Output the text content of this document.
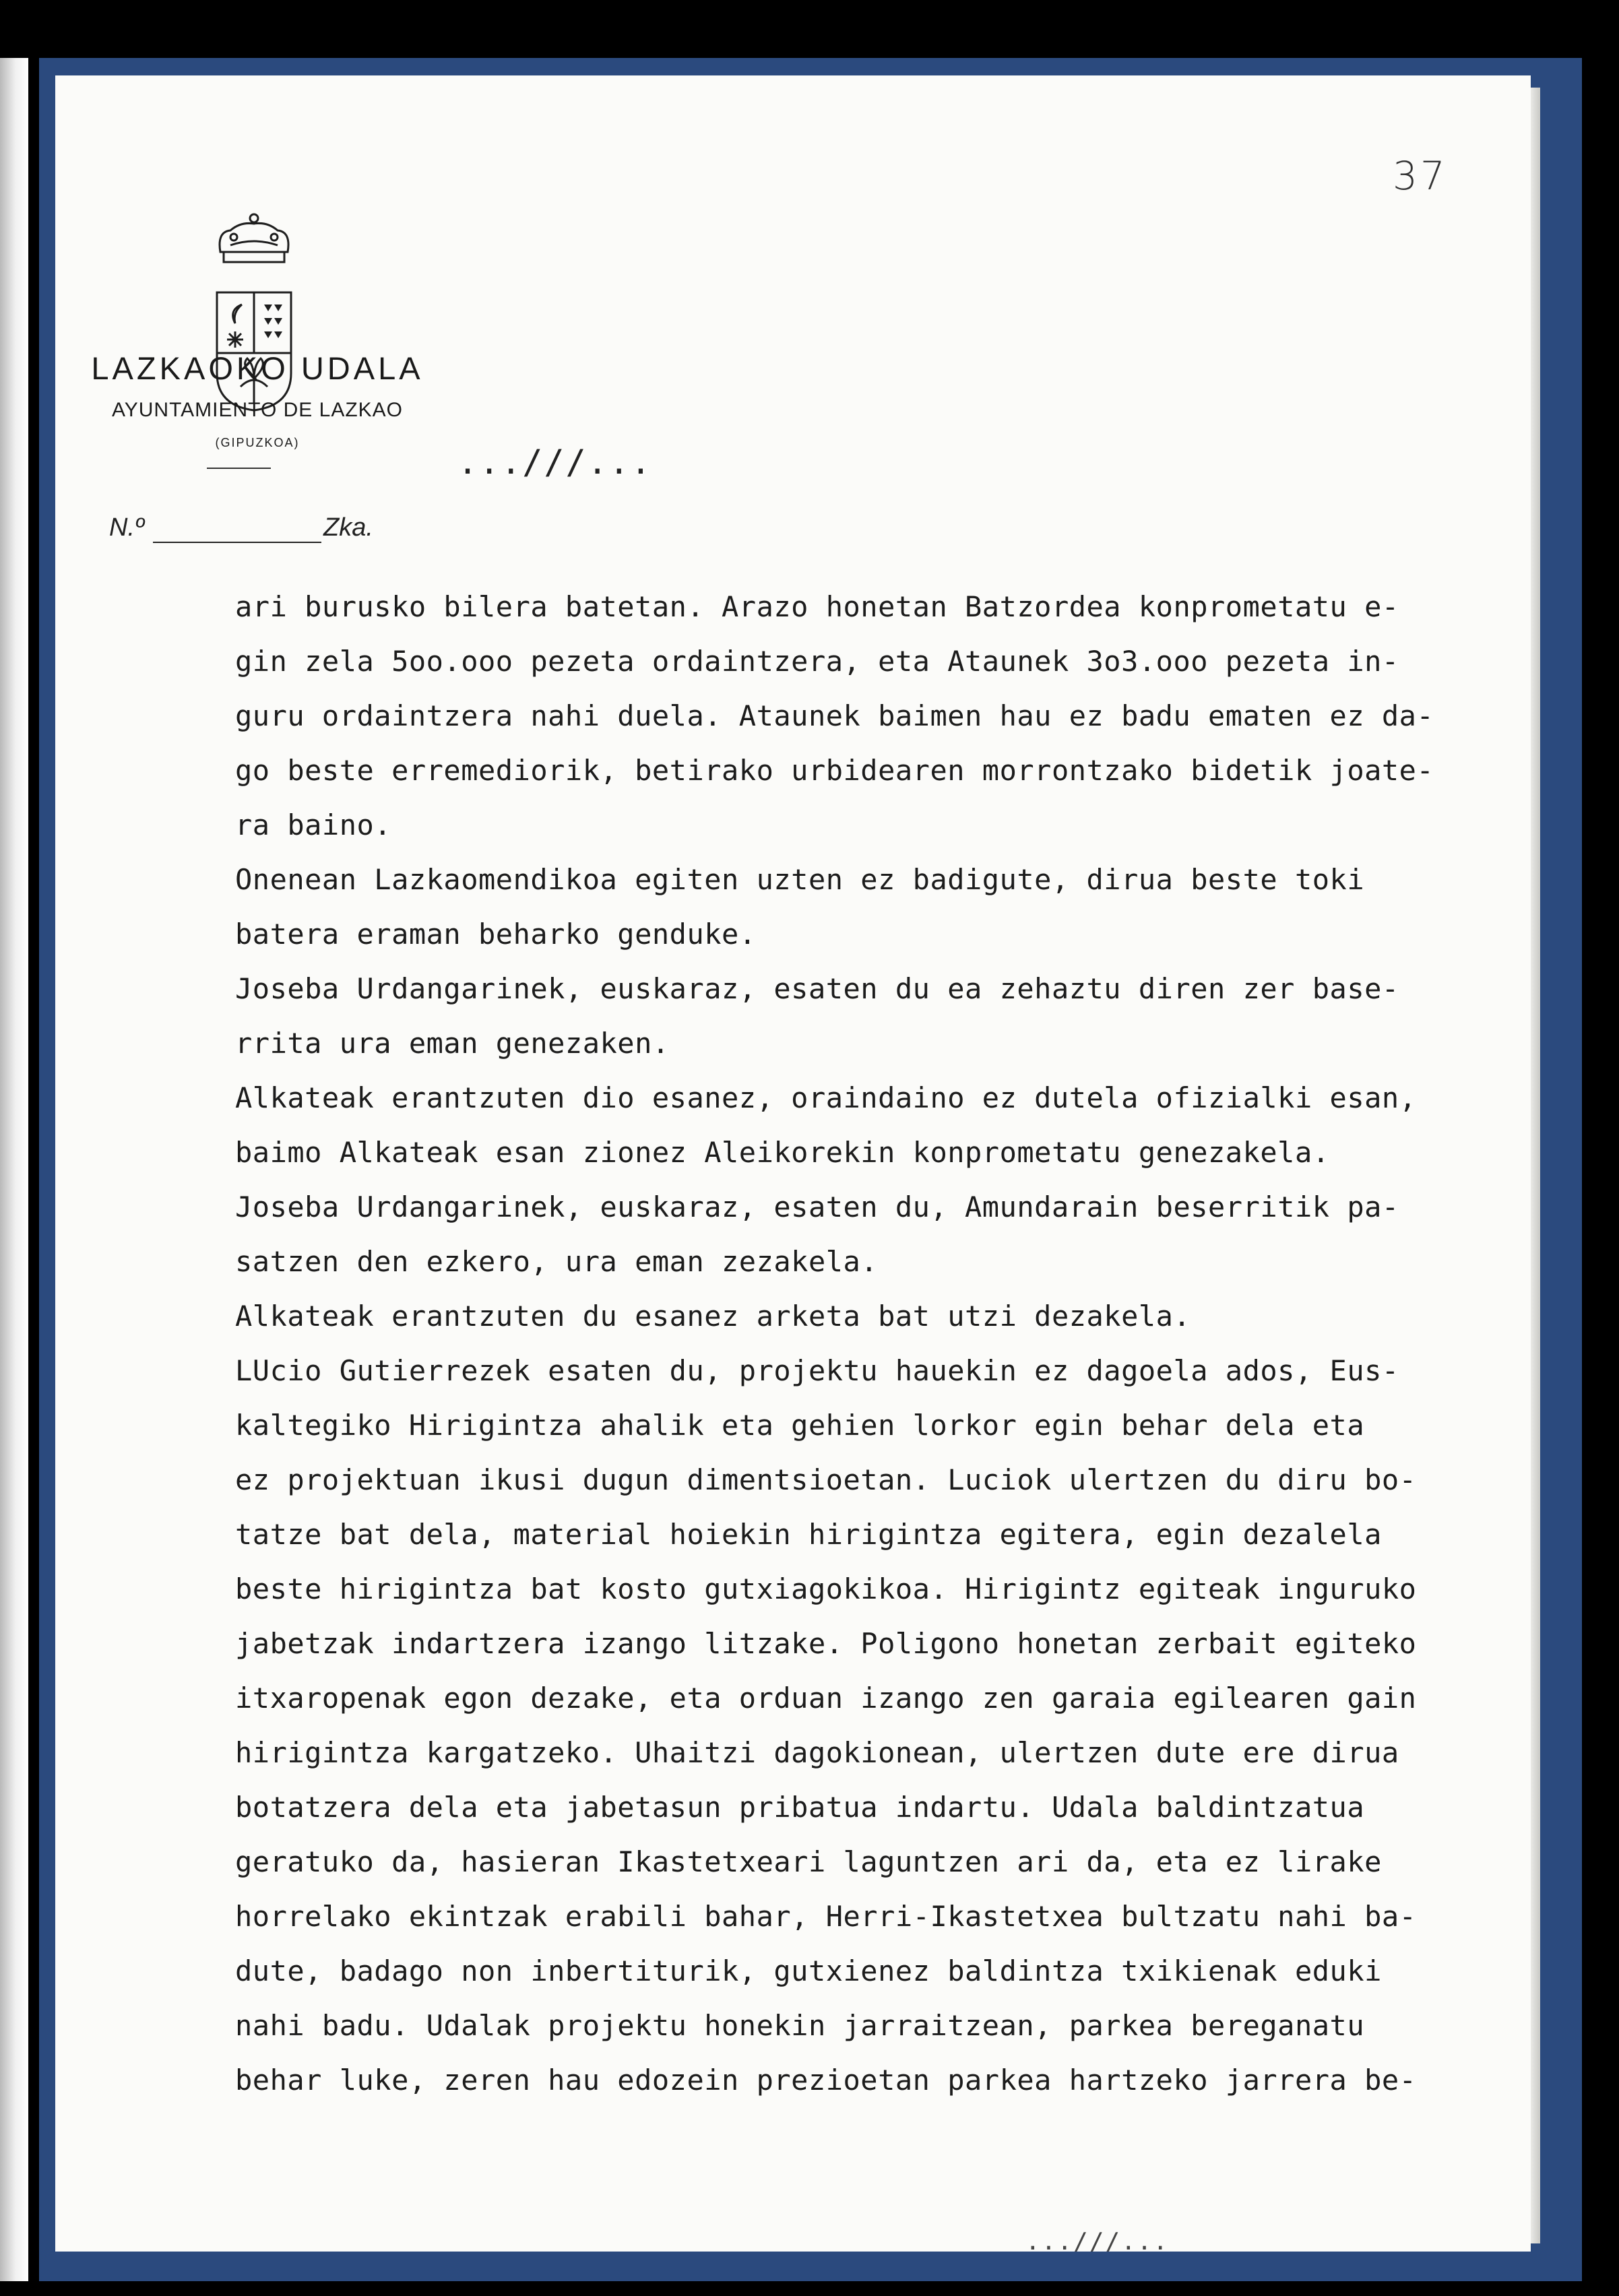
37
LAZKAOKO UDALA
AYUNTAMIENTO DE LAZKAO
(GIPUZKOA)	...///...
N.º	Zka.
ari burusko bilera batetan. Arazo honetan Batzordea konprometatu e-
gin zela 5oo.ooo pezeta ordaintzera, eta Ataunek 3o3.ooo pezeta in-
guru ordaintzera nahi duela. Ataunek baimen hau ez badu ematen ez da-
go beste erremediorik, betirako urbidearen morrontzako bidetik joate-
ra baino.
Onenean Lazkaomendikoa egiten uzten ez badigute, dirua beste toki
batera eraman beharko genduke.
Joseba Urdangarinek, euskaraz, esaten du ea zehaztu diren zer base-
rrita ura eman genezaken.
Alkateak erantzuten dio esanez, oraindaino ez dutela ofizialki esan,
baimo Alkateak esan zionez Aleikorekin konprometatu genezakela.
Joseba Urdangarinek, euskaraz, esaten du, Amundarain beserritik pa-
satzen den ezkero, ura eman zezakela.
Alkateak erantzuten du esanez arketa bat utzi dezakela.
LUcio Gutierrezek esaten du, projektu hauekin ez dagoela ados, Eus-
kaltegiko Hirigintza ahalik eta gehien lorkor egin behar dela eta
ez projektuan ikusi dugun dimentsioetan. Luciok ulertzen du diru bo-
tatze bat dela, material hoiekin hirigintza egitera, egin dezalela
beste hirigintza bat kosto gutxiagokikoa. Hirigintz egiteak inguruko
jabetzak indartzera izango litzake. Poligono honetan zerbait egiteko
itxaropenak egon dezake, eta orduan izango zen garaia egilearen gain
hirigintza kargatzeko. Uhaitzi dagokionean, ulertzen dute ere dirua
botatzera dela eta jabetasun pribatua indartu. Udala baldintzatua
geratuko da, hasieran Ikastetxeari laguntzen ari da, eta ez lirake
horrelako ekintzak erabili bahar, Herri-Ikastetxea bultzatu nahi ba-
dute, badago non inbertiturik, gutxienez baldintza txikienak eduki
nahi badu. Udalak projektu honekin jarraitzean, parkea bereganatu
behar luke, zeren hau edozein prezioetan parkea hartzeko jarrera be-
...///...
